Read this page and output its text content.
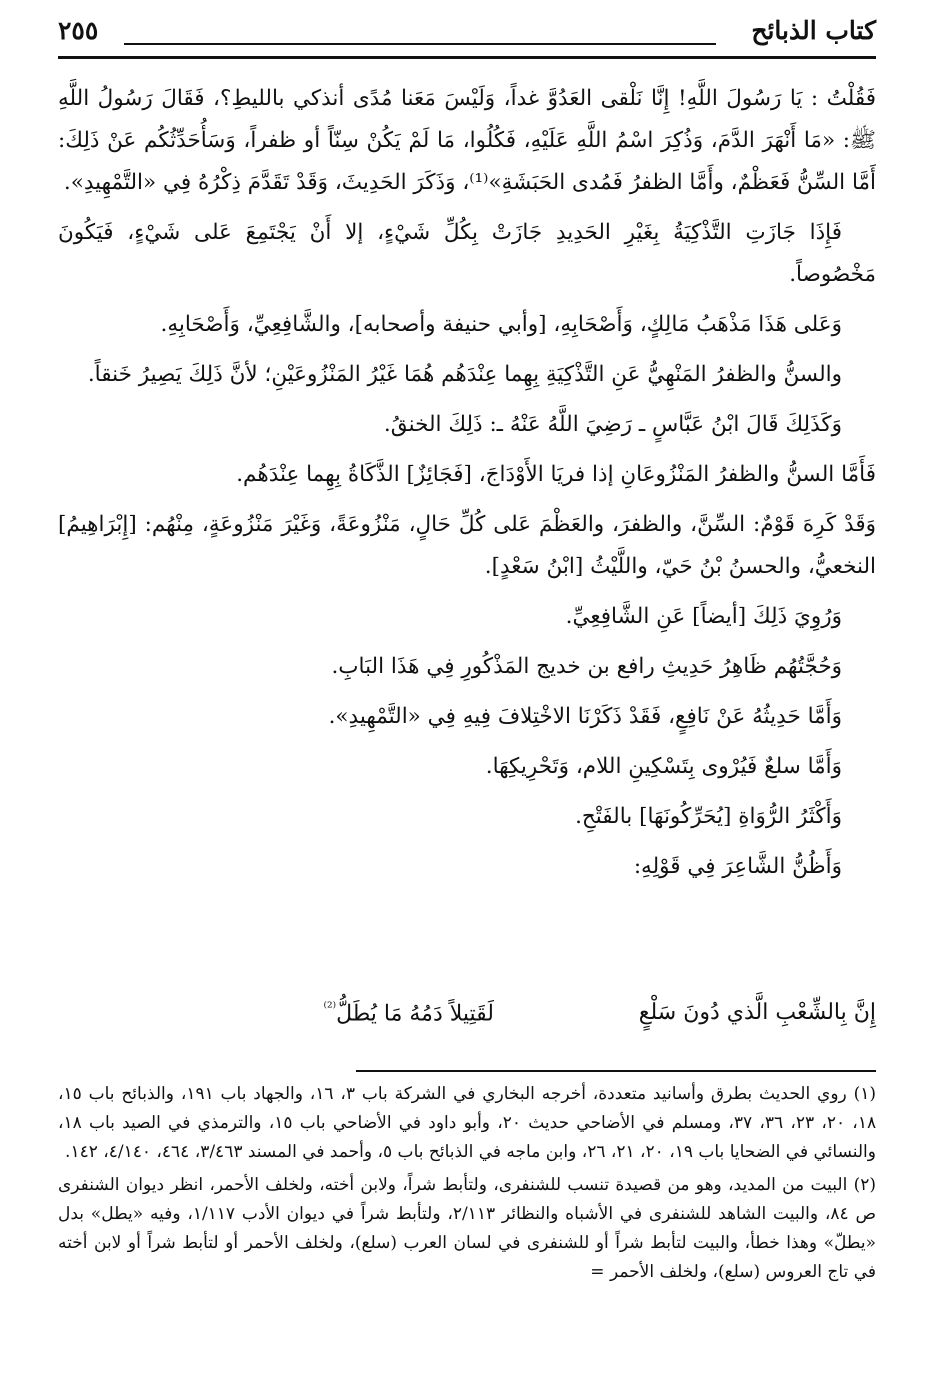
كتاب الذبائح
٢٥٥

فَقُلْتُ : يَا رَسُولَ اللَّهِ! إِنَّا نَلْقى العَدُوَّ غداً، وَلَيْسَ مَعَنا مُدًى أنذكي بالليطِ؟، فَقَالَ رَسُولُ اللَّهِ ﷺ: «مَا أَنْهَرَ الدَّمَ، وَذُكِرَ اسْمُ اللَّهِ عَلَيْهِ، فَكُلُوا، مَا لَمْ يَكُنْ سِنّاً أو ظفراً، وَسَأُحَدِّثُكُم عَنْ ذَلِكَ: أَمَّا السِّنُّ فَعَظْمٌ، وأَمَّا الظفرُ فَمُدى الحَبَشَةِ»⁽¹⁾، وَذَكَرَ الحَدِيثَ، وَقَدْ تَقَدَّمَ ذِكْرُهُ فِي «التَّمْهِيدِ».

فَإِذَا جَازَتِ التَّذْكِيَةُ بِغَيْرِ الحَدِيدِ جَازَتْ بِكُلِّ شَيْءٍ، إلا أَنْ يَجْتَمِعَ عَلى شَيْءٍ، فَيَكُونَ مَخْصُوصاً.

وَعَلى هَذَا مَذْهَبُ مَالِكٍ، وَأَصْحَابِهِ، [وأبي حنيفة وأصحابه]، والشَّافِعِيِّ، وَأَصْحَابِهِ.

والسنُّ والظفرُ المَنْهِيُّ عَنِ التَّذْكِيَةِ بِهِما عِنْدَهُم هُمَا غَيْرُ المَنْزُوعَيْنِ؛ لأنَّ ذَلِكَ يَصِيرُ خَنقاً.

وَكَذَلِكَ قَالَ ابْنُ عَبَّاسٍ ـ رَضِيَ اللَّهُ عَنْهُ ـ: ذَلِكَ الخنقُ.

فَأَمَّا السنُّ والظفرُ المَنْزُوعَانِ إذا فريَا الأَوْدَاجَ، [فَجَائِزٌ] الذَّكَاةُ بِهِما عِنْدَهُم.

وَقَدْ كَرِهَ قَوْمٌ: السِّنَّ، والظفرَ، والعَظْمَ عَلى كُلِّ حَالٍ، مَنْزُوعَةً، وَغَيْرَ مَنْزُوعَةٍ، مِنْهُم: [إِبْرَاهِيمُ] النخعيُّ، والحسنُ بْنُ حَيّ، واللَّيْثُ [ابْنُ سَعْدٍ].

وَرُوِيَ ذَلِكَ [أيضاً] عَنِ الشَّافِعِيِّ.

وَحُجَّتُهُم ظَاهِرُ حَدِيثِ رافع بن خديج المَذْكُورِ فِي هَذَا البَابِ.

وَأَمَّا حَدِيثُهُ عَنْ نَافِعٍ، فَقَدْ ذَكَرْنَا الاخْتِلافَ فِيهِ فِي «التَّمْهِيدِ».

وَأَمَّا سلعٌ فَيُرْوى بِتَسْكِينِ اللام، وَتَحْرِيكِهَا.

وَأَكْثَرُ الرُّوَاةِ [يُحَرِّكُونَهَا] بالفَتْحِ.

وَأَظُنُّ الشَّاعِرَ فِي قَوْلِهِ:

إِنَّ بِالشِّعْبِ الَّذي دُونَ سَلْعٍ
لَقَتِيلاً دَمُهُ مَا يُطَلُّ$^{^{(2)}}$

(١) روي الحديث بطرق وأسانيد متعددة، أخرجه البخاري في الشركة باب ٣، ١٦، والجهاد باب ١٩١، والذبائح باب ١٥، ١٨، ٢٠، ٢٣، ٣٦، ٣٧، ومسلم في الأضاحي حديث ٢٠، وأبو داود في الأضاحي باب ١٥، والترمذي في الصيد باب ١٨، والنسائي في الضحايا باب ١٩، ٢٠، ٢١، ٢٦، وابن ماجه في الذبائح باب ٥، وأحمد في المسند ٣/٤٦٣، ٤٦٤، ٤/١٤٠، ١٤٢.

(٢) البيت من المديد، وهو من قصيدة تنسب للشنفرى، ولتأبط شراً، ولابن أخته، ولخلف الأحمر، انظر ديوان الشنفرى ص ٨٤، والبيت الشاهد للشنفرى في الأشباه والنظائر ٢/١١٣، ولتأبط شراً في ديوان الأدب ١/١١٧، وفيه «يطل» بدل «يطلّ» وهذا خطأ، والبيت لتأبط شراً أو للشنفرى في لسان العرب (سلع)، ولخلف الأحمر أو لتأبط شراً أو لابن أخته في تاج العروس (سلع)، ولخلف الأحمر =
